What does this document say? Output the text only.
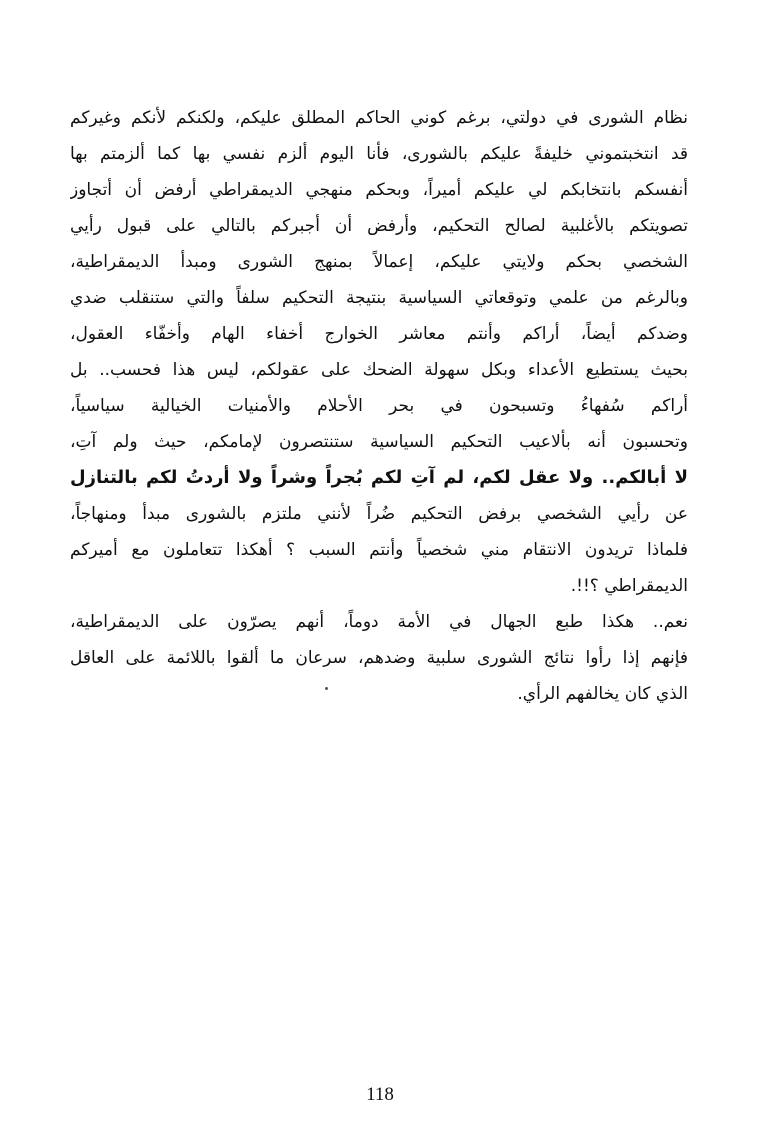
نظام الشورى في دولتي، برغم كوني الحاكم المطلق عليكم، ولكنكم لأنكم وغيركم
قد انتخبتموني خليفةً عليكم بالشورى، فأنا اليوم ألزم نفسي بها كما ألزمتم بها
أنفسكم بانتخابكم لي عليكم أميراً، وبحكم منهجي الديمقراطي أرفض أن أتجاوز
تصويتكم بالأغلبية لصالح التحكيم، وأرفض أن أجبركم بالتالي على قبول رأيي
الشخصي بحكم ولايتي عليكم، إعمالاً بمنهج الشورى ومبدأ الديمقراطية،
وبالرغم من علمي وتوقعاتي السياسية بنتيجة التحكيم سلفاً والتي ستنقلب ضدي
وضدكم أيضاً، أراكم وأنتم معاشر الخوارج أخفاء الهام وأخفّاء العقول،
بحيث يستطيع الأعداء وبكل سهولة الضحك على عقولكم، ليس هذا فحسب.. بل
أراكم سُفهاءُ وتسبحون في بحر الأحلام والأمنيات الخيالية سياسياً،
وتحسبون أنه بألاعيب التحكيم السياسية ستنتصرون لإمامكم، حيث ولم آتِ،
لا أبالكم.. ولا عقل لكم، لم آتِ لكم بُجراً وشراً ولا أردتُ لكم بالتنازل
عن رأيي الشخصي برفض التحكيم ضُراً لأنني ملتزم بالشورى مبدأ ومنهاجاً،
فلماذا تريدون الانتقام مني شخصياً وأنتم السبب ؟ أهكذا تتعاملون مع أميركم
الديمقراطي ؟!!.
نعم.. هكذا طبع الجهال في الأمة دوماً، أنهم يصرّون على الديمقراطية،
فإنهم إذا رأوا نتائج الشورى سلبية وضدهم، سرعان ما ألقوا باللائمة على العاقل
الذي كان يخالفهم الرأي.
118
